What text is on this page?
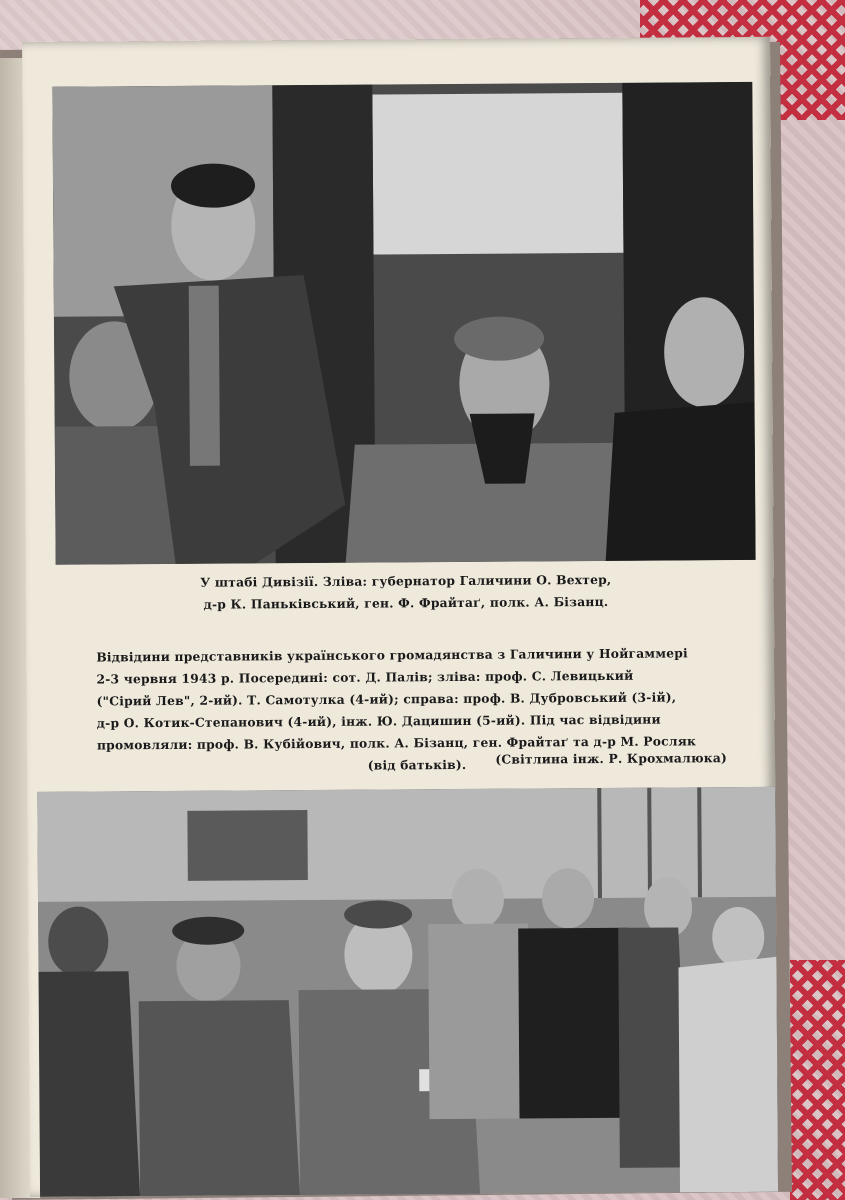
У штабі Дивізії. Зліва: губернатор Галичини О. Вехтер,
д-р К. Паньківський, ген. Ф. Фрайтаґ, полк. А. Бізанц.
Відвідини представників українського громадянства з Галичини у Нойгаммері
2-3 червня 1943 р. Посередині: сот. Д. Палів; зліва: проф. С. Левицький
("Сірий Лев", 2-ий). Т. Самотулка (4-ий); справа: проф. В. Дубровський (3-ій),
д-р О. Котик-Степанович (4-ий), інж. Ю. Дацишин (5-ий). Під час відвідини
промовляли: проф. В. Кубійович, полк. А. Бізанц, ген. Фрайтаґ та д-р М. Росляк
(від батьків).	(Світлина інж. Р. Крохмалюка)
